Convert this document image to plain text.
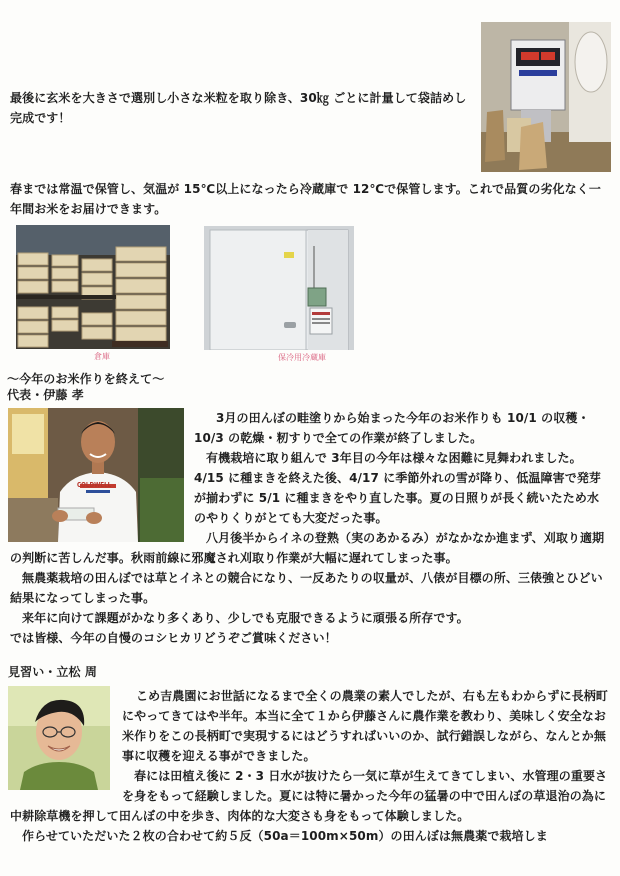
最後に玄米を大きさで選別し小さな米粒を取り除き、30㎏ ごとに計量して袋詰めし完成です！
春までは常温で保管し、気温が 15℃以上になったら冷蔵庫で 12℃で保管します。これで品質の劣化なく一年間お米をお届けできます。
倉庫	保冷用冷蔵庫
～今年のお米作りを終えて～
代表・伊藤 孝
COLDWELL

3月の田んぼの畦塗りから始まった今年のお米作りも 10/1 の収穫・10/3 の乾燥・籾すりで全ての作業が終了しました。

有機栽培に取り組んで 3年目の今年は様々な困難に見舞われました。4/15 に種まきを終えた後、4/17 に季節外れの雪が降り、低温障害で発芽が揃わずに 5/1 に種まきをやり直した事。夏の日照りが長く続いたため水のやりくりがとても大変だった事。

八月後半からイネの登熟（実のあかるみ）がなかなか進まず、刈取り適期の判断に苦しんだ事。秋雨前線に邪魔され刈取り作業が大幅に遅れてしまった事。

無農薬栽培の田んぼでは草とイネとの競合になり、一反あたりの収量が、八俵が目標の所、三俵強とひどい結果になってしまった事。

来年に向けて課題がかなり多くあり、少しでも克服できるように頑張る所存です。

では皆様、今年の自慢のコシヒカリどうぞご賞味ください！

見習い・立松 周

こめ吉農園にお世話になるまで全くの農業の素人でしたが、右も左もわからずに長柄町にやってきてはや半年。本当に全て１から伊藤さんに農作業を教わり、美味しく安全なお米作りをこの長柄町で実現するにはどうすればいいのか、試行錯誤しながら、なんとか無事に収穫を迎える事ができました。

春には田植え後に 2・3 日水が抜けたら一気に草が生えてきてしまい、水管理の重要さを身をもって経験しました。夏には特に暑かった今年の猛暑の中で田んぼの草退治の為に中耕除草機を押して田んぼの中を歩き、肉体的な大変さも身をもって体験しました。

作らせていただいた２枚の合わせて約５反（50a＝100m×50m）の田んぼは無農薬で栽培しま
